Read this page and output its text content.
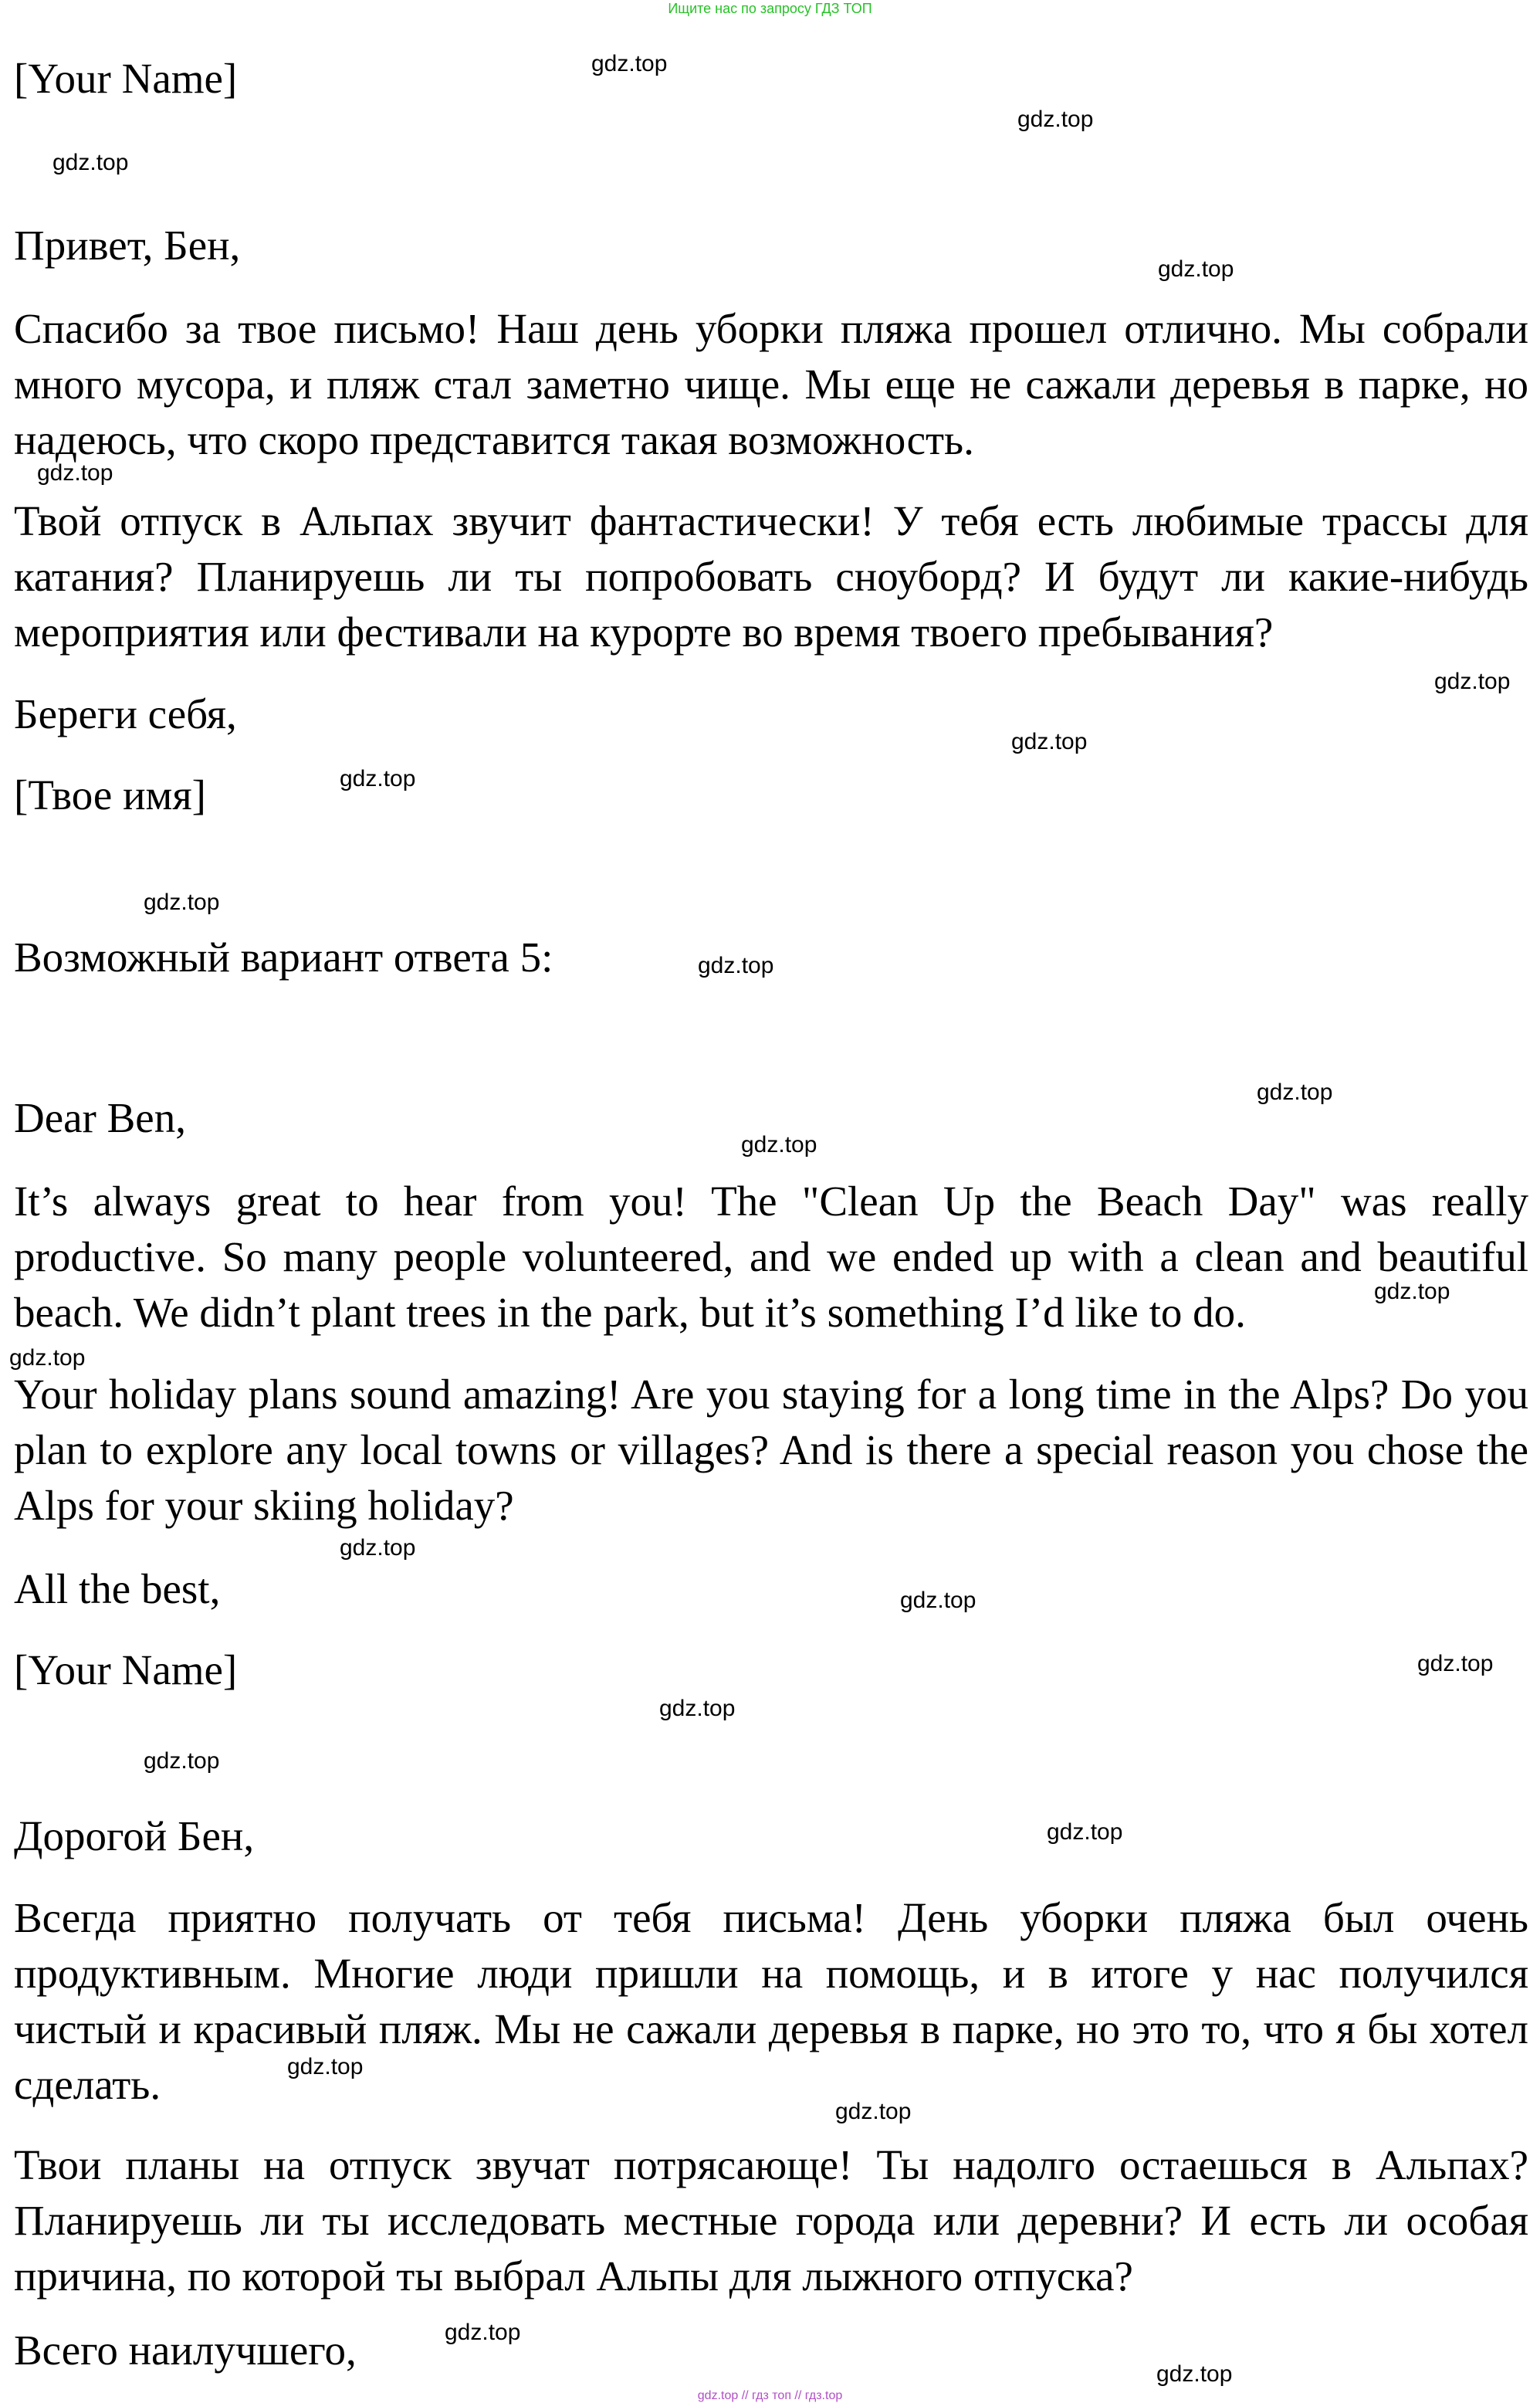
Ищите нас по запросу ГДЗ ТОП
gdz.top // гдз топ // гдз.top

[Your Name]

Привет, Бен,

Спасибо за твое письмо! Наш день уборки пляжа прошел отлично. Мы собрали много мусора, и пляж стал заметно чище. Мы еще не сажали деревья в парке, но надеюсь, что скоро представится такая возможность.

Твой отпуск в Альпах звучит фантастически! У тебя есть любимые трассы для катания? Планируешь ли ты попробовать сноуборд? И будут ли какие-нибудь мероприятия или фестивали на курорте во время твоего пребывания?

Береги себя,

[Твое имя]

Возможный вариант ответа 5:

Dear Ben,

It’s always great to hear from you! The "Clean Up the Beach Day" was really productive. So many people volunteered, and we ended up with a clean and beautiful beach. We didn’t plant trees in the park, but it’s something I’d like to do.

Your holiday plans sound amazing! Are you staying for a long time in the Alps? Do you plan to explore any local towns or villages? And is there a special reason you chose the Alps for your skiing holiday?

All the best,

[Your Name]

Дорогой Бен,

Всегда приятно получать от тебя письма! День уборки пляжа был очень продуктивным. Многие люди пришли на помощь, и в итоге у нас получился чистый и красивый пляж. Мы не сажали деревья в парке, но это то, что я бы хотел сделать.

Твои планы на отпуск звучат потрясающе! Ты надолго остаешься в Альпах? Планируешь ли ты исследовать местные города или деревни? И есть ли особая причина, по которой ты выбрал Альпы для лыжного отпуска?

Всего наилучшего,

gdz.top
gdz.top
gdz.top
gdz.top
gdz.top
gdz.top
gdz.top
gdz.top
gdz.top
gdz.top
gdz.top
gdz.top
gdz.top
gdz.top
gdz.top
gdz.top
gdz.top
gdz.top
gdz.top
gdz.top
gdz.top
gdz.top
gdz.top
gdz.top
